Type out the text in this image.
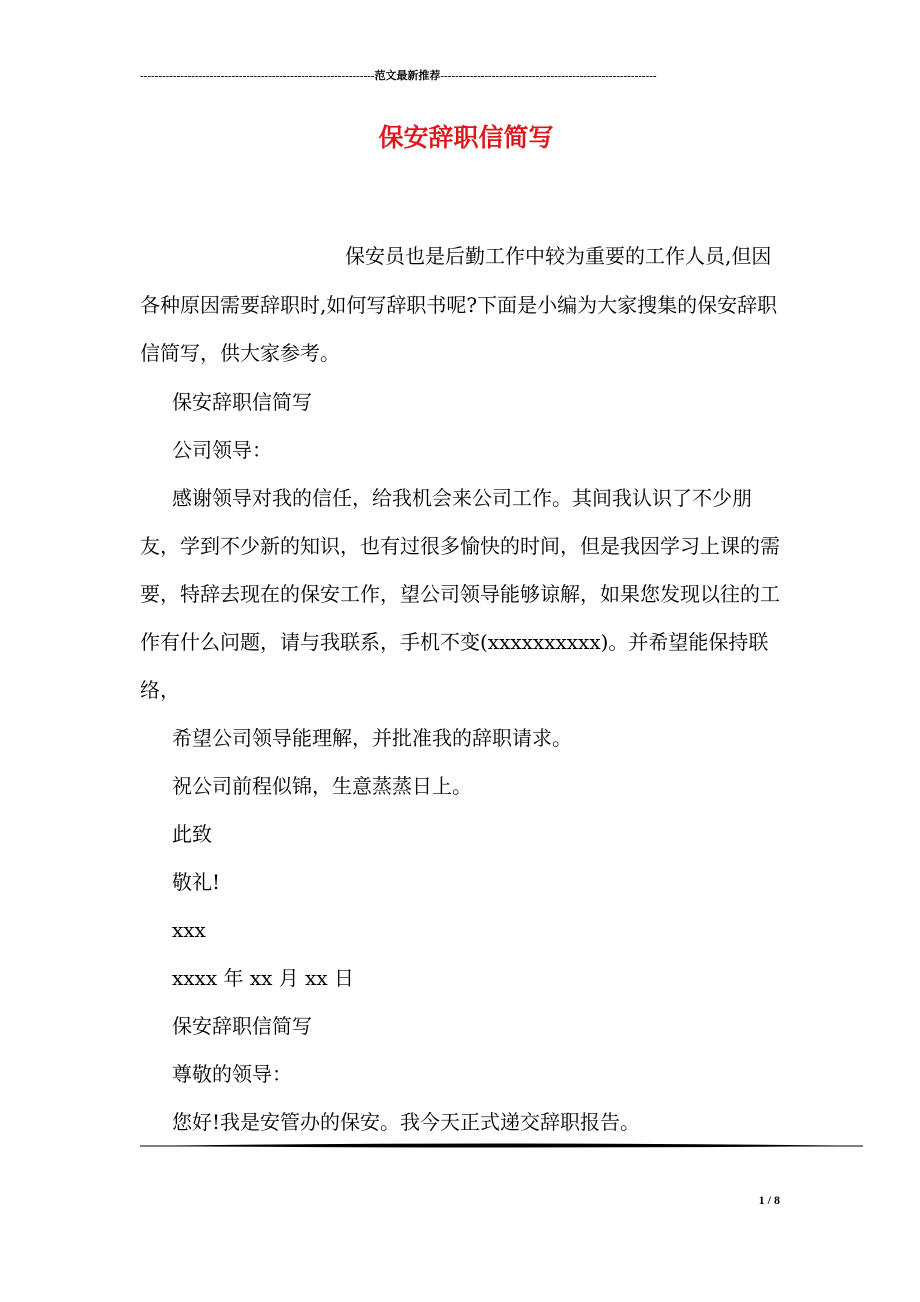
----------------------------------------------------------------范文最新推荐-----------------------------------------------------------
保安辞职信简写

保安员也是后勤工作中较为重要的工作人员,但因各种原因需要辞职时,如何写辞职书呢?下面是小编为大家搜集的保安辞职信简写，供大家参考。

保安辞职信简写

公司领导：

感谢领导对我的信任，给我机会来公司工作。其间我认识了不少朋友，学到不少新的知识，也有过很多愉快的时间，但是我因学习上课的需要，特辞去现在的保安工作，望公司领导能够谅解，如果您发现以往的工作有什么问题，请与我联系，手机不变(xxxxxxxxxx)。并希望能保持联络，

希望公司领导能理解，并批准我的辞职请求。

祝公司前程似锦，生意蒸蒸日上。

此致

敬礼!

xxx

xxxx 年 xx 月 xx 日

保安辞职信简写

尊敬的领导：

您好!我是安管办的保安。我今天正式递交辞职报告。

1 / 8
